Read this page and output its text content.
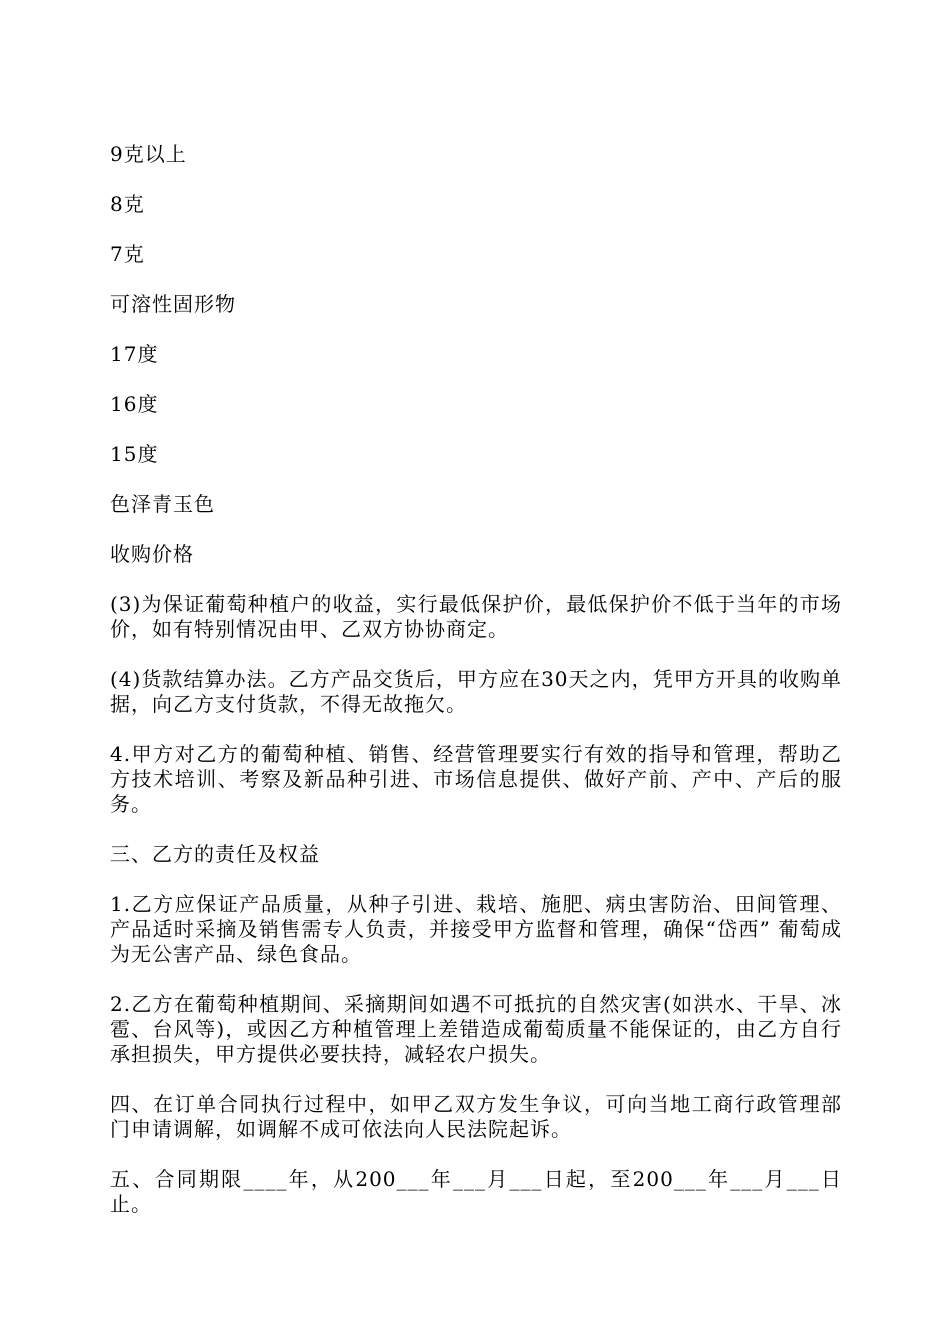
9克以上

8克

7克

可溶性固形物

17度

16度

15度

色泽青玉色

收购价格

(3)为保证葡萄种植户的收益，实行最低保护价，最低保护价不低于当年的市场价，如有特别情况由甲、乙双方协协商定。

(4)货款结算办法。乙方产品交货后，甲方应在30天之内，凭甲方开具的收购单据，向乙方支付货款，不得无故拖欠。

4.甲方对乙方的葡萄种植、销售、经营管理要实行有效的指导和管理，帮助乙方技术培训、考察及新品种引进、市场信息提供、做好产前、产中、产后的服务。

三、乙方的责任及权益

1.乙方应保证产品质量，从种子引进、栽培、施肥、病虫害防治、田间管理、产品适时采摘及销售需专人负责，并接受甲方监督和管理，确保“岱西” 葡萄成为无公害产品、绿色食品。

2.乙方在葡萄种植期间、采摘期间如遇不可抵抗的自然灾害(如洪水、干旱、冰雹、台风等)，或因乙方种植管理上差错造成葡萄质量不能保证的，由乙方自行承担损失，甲方提供必要扶持，减轻农户损失。

四、在订单合同执行过程中，如甲乙双方发生争议，可向当地工商行政管理部门申请调解，如调解不成可依法向人民法院起诉。

五、合同期限____年，从200___年___月___日起，至200___年___月___日止。
